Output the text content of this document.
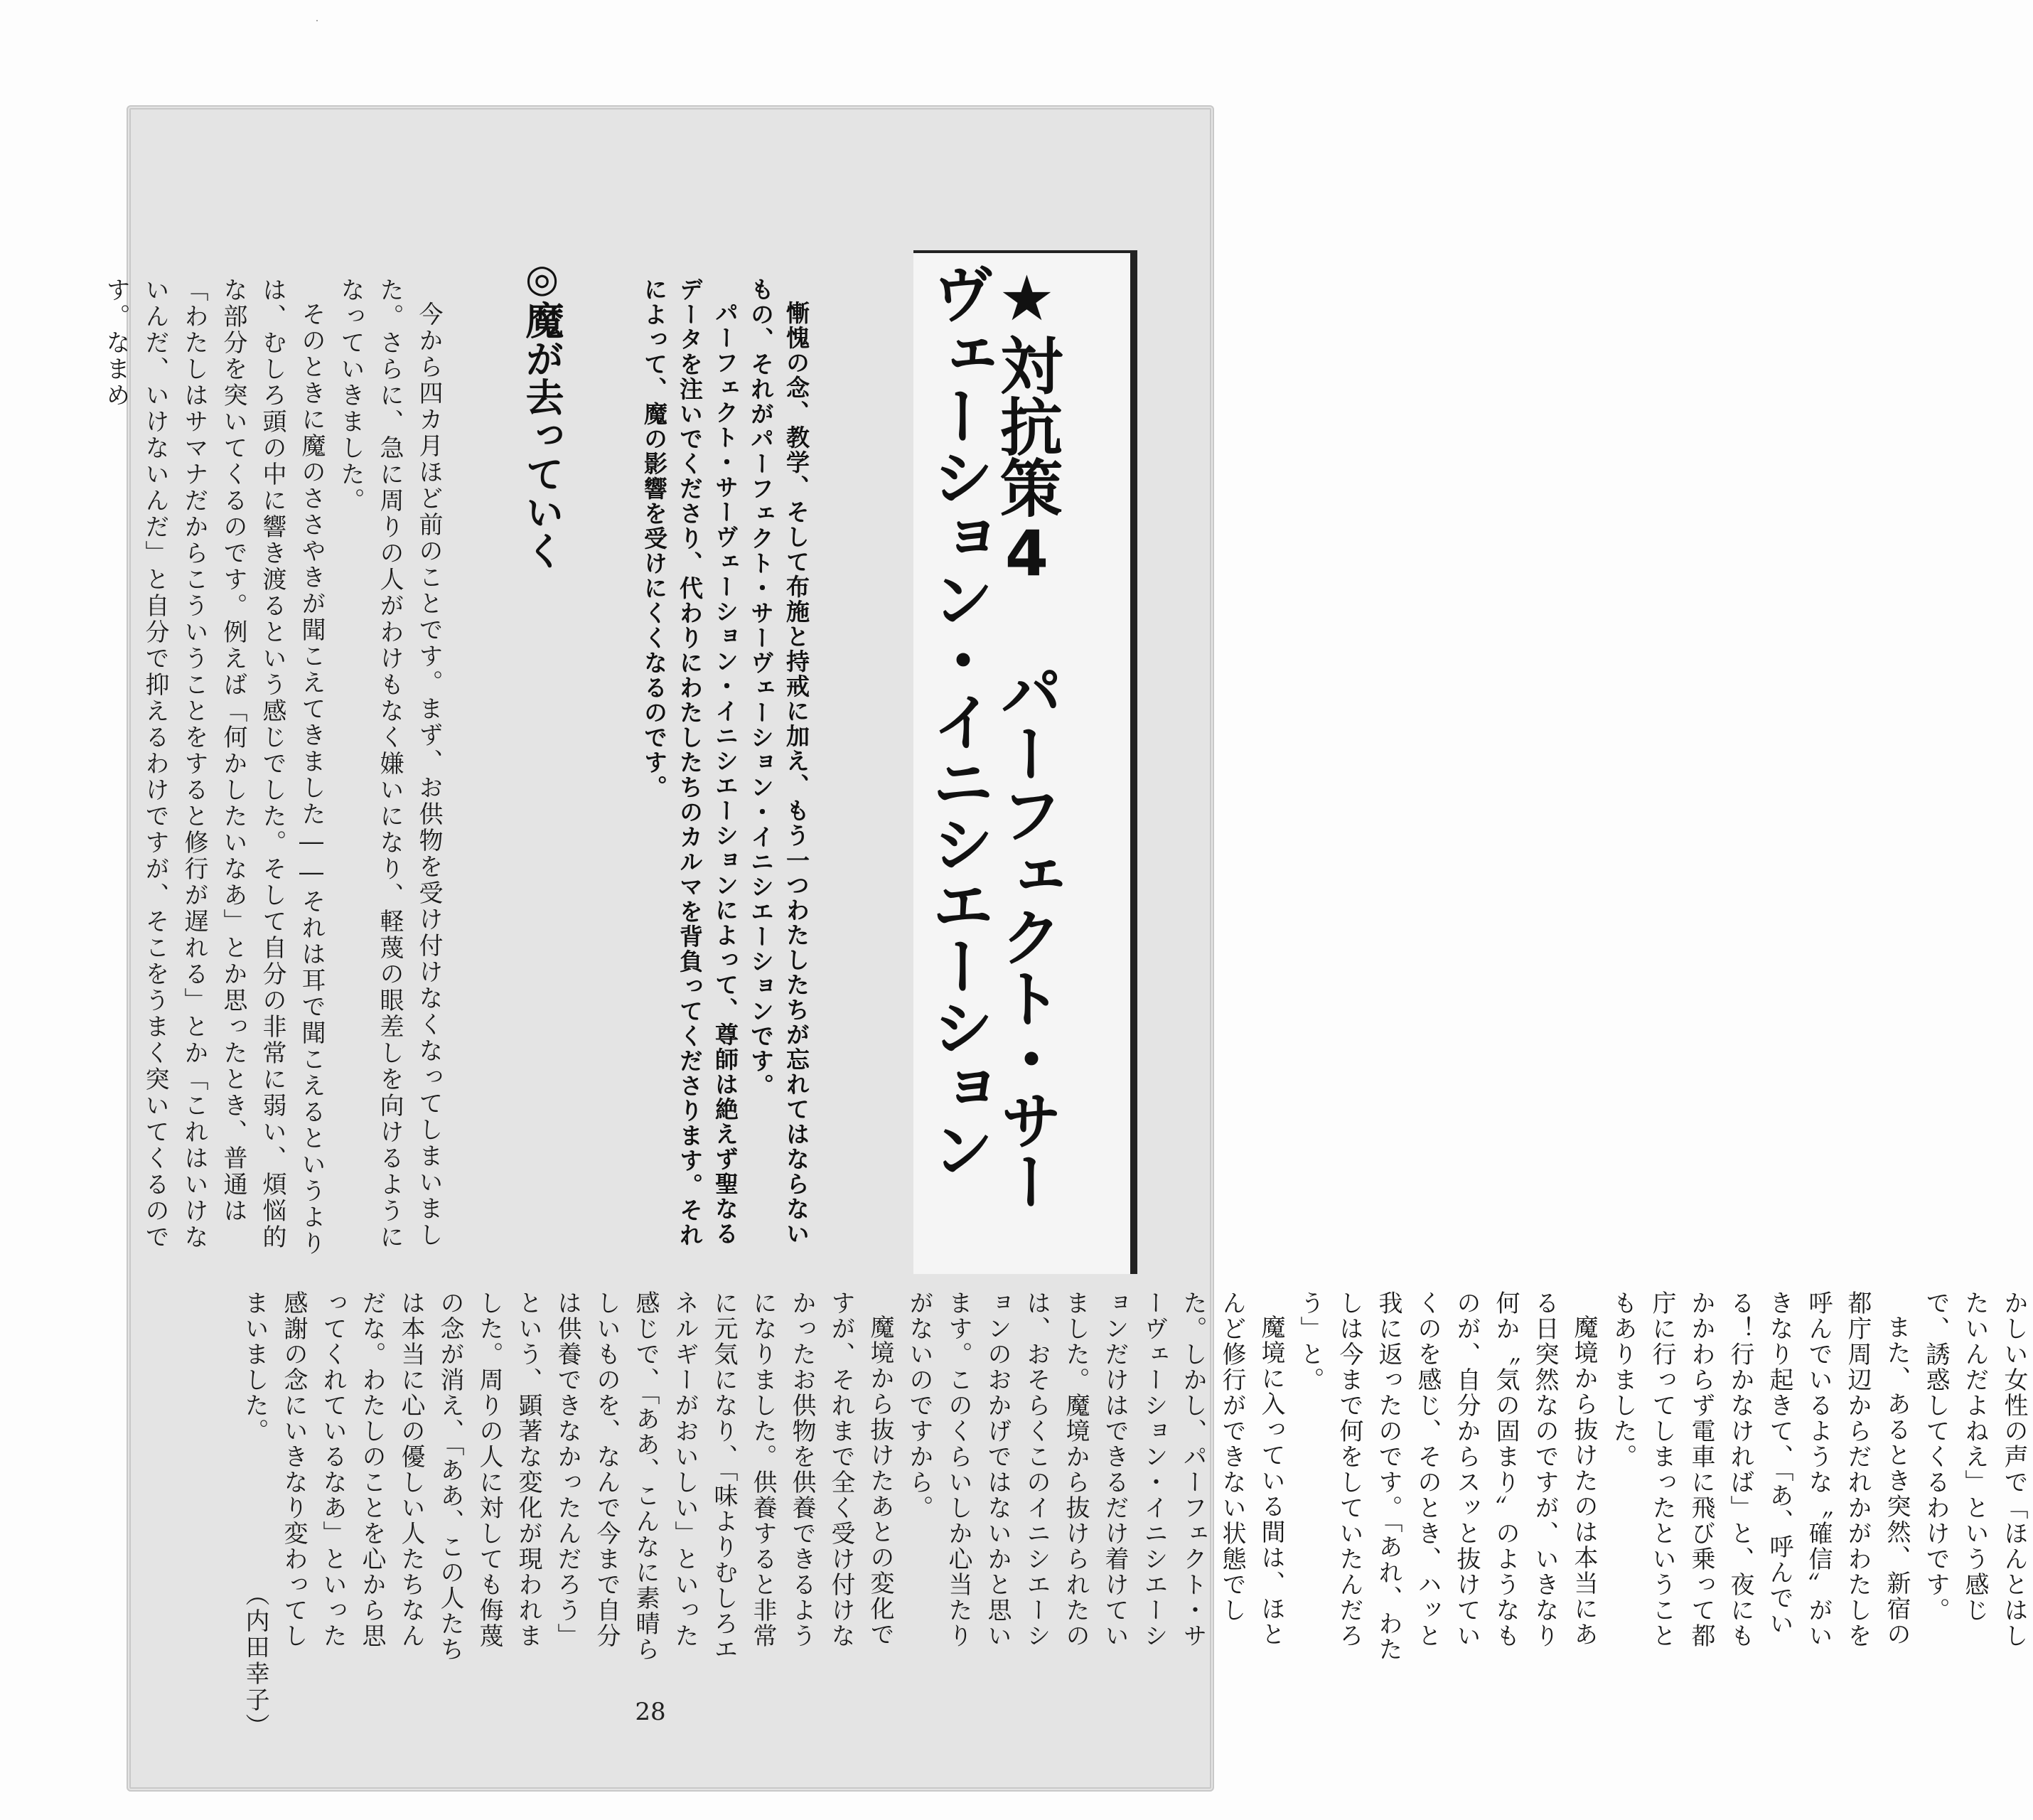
★対抗策4 パーフェクト・サーヴェーション・イニシエーション

慚愧の念、教学、そして布施と持戒に加え、もう一つわたしたちが忘れてはならないもの、それがパーフェクト・サーヴェーション・イニシエーションです。

パーフェクト・サーヴェーション・イニシエーションによって、尊師は絶えず聖なるデータを注いでくださり、代わりにわたしたちのカルマを背負ってくださります。それによって、魔の影響を受けにくくなるのです。

◎魔が去っていく

今から四カ月ほど前のことです。まず、お供物を受け付けなくなってしまいました。さらに、急に周りの人がわけもなく嫌いになり、軽蔑の眼差しを向けるようになっていきました。

そのときに魔のささやきが聞こえてきました――それは耳で聞こえるというよりは、むしろ頭の中に響き渡るという感じでした。そして自分の非常に弱い、煩悩的な部分を突いてくるのです。例えば「何かしたいなあ」とか思ったとき、普通は「わたしはサマナだからこういうことをすると修行が遅れる」とか「これはいけないんだ、いけないんだ」と自分で抑えるわけですが、そこをうまく突いてくるのです。なまめ

かしい女性の声で「ほんとはしたいんだよねえ」という感じで、誘惑してくるわけです。

また、あるとき突然、新宿の都庁周辺からだれかがわたしを呼んでいるような〝確信〟がいきなり起きて、「あ、呼んでいる！行かなければ」と、夜にもかかわらず電車に飛び乗って都庁に行ってしまったということもありました。

魔境から抜けたのは本当にある日突然なのですが、いきなり何か〝気の固まり〟のようなものが、自分からスッと抜けていくのを感じ、そのとき、ハッと我に返ったのです。「あれ、わたしは今まで何をしていたんだろう」と。

魔境に入っている間は、ほとんど修行ができない状態でした。しかし、パーフェクト・サーヴェーション・イニシエーションだけはできるだけ着けていました。魔境から抜けられたのは、おそらくこのイニシエーションのおかげではないかと思います。このくらいしか心当たりがないのですから。

魔境から抜けたあとの変化ですが、それまで全く受け付けなかったお供物を供養できるようになりました。供養すると非常に元気になり、「味よりむしろエネルギーがおいしい」といった感じで、「ああ、こんなに素晴らしいものを、なんで今まで自分は供養できなかったんだろう」という、顕著な変化が現われました。周りの人に対しても侮蔑の念が消え、「ああ、この人たちは本当に心の優しい人たちなんだな。わたしのことを心から思ってくれているなあ」といった感謝の念にいきなり変わってしまいました。

（内田幸子）	28
